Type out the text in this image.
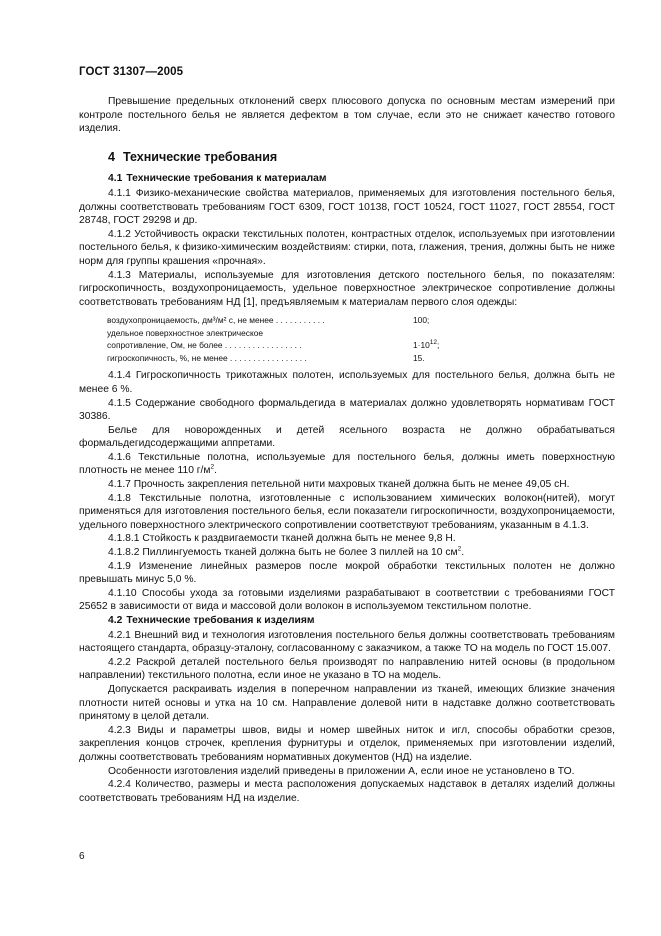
ГОСТ 31307—2005

Превышение предельных отклонений сверх плюсового допуска по основным местам измерений при контроле постельного белья не является дефектом в том случае, если это не снижает качество готового изделия.

4 Технические требования
4.1 Технические требования к материалам

4.1.1 Физико-механические свойства материалов, применяемых для изготовления постельного белья, должны соответствовать требованиям ГОСТ 6309, ГОСТ 10138, ГОСТ 10524, ГОСТ 11027, ГОСТ 28554, ГОСТ 28748, ГОСТ 29298 и др.

4.1.2 Устойчивость окраски текстильных полотен, контрастных отделок, используемых при изготовлении постельного белья, к физико-химическим воздействиям: стирки, пота, глажения, трения, должны быть не ниже норм для группы крашения «прочная».

4.1.3 Материалы, используемые для изготовления детского постельного белья, по показателям: гигроскопичность, воздухопроницаемость, удельное поверхностное электрическое сопротивление должны соответствовать требованиям НД [1], предъявляемым к материалам первого слоя одежды:

воздухопроницаемость, дм³/м² с, не менее . . . . . . . . . . .	100;
удельное поверхностное электрическое
сопротивление, Ом, не более . . . . . . . . . . . . . . . . .	$1\cdot 10^{12}$;
гигроскопичность, %, не менее . . . . . . . . . . . . . . . . .	15.

4.1.4 Гигроскопичность трикотажных полотен, используемых для постельного белья, должна быть не менее 6 %.

4.1.5 Содержание свободного формальдегида в материалах должно удовлетворять нормативам ГОСТ 30386.

Белье для новорожденных и детей ясельного возраста не должно обрабатываться формальдегидсодержащими аппретами.

4.1.6 Текстильные полотна, используемые для постельного белья, должны иметь поверхностную плотность не менее 110 $г/м^2$.

4.1.7 Прочность закрепления петельной нити махровых тканей должна быть не менее 49,05 сН.

4.1.8 Текстильные полотна, изготовленные с использованием химических волокон(нитей), могут применяться для изготовления постельного белья, если показатели гигроскопичности, воздухопроницаемости, удельного поверхностного электрического сопротивлении соответствуют требованиям, указанным в 4.1.3.

4.1.8.1 Стойкость к раздвигаемости тканей должна быть не менее 9,8 Н.

4.1.8.2 Пиллингуемость тканей должна быть не более 3 пиллей на 10 $см^2$.

4.1.9 Изменение линейных размеров после мокрой обработки текстильных полотен не должно превышать минус 5,0 %.

4.1.10 Способы ухода за готовыми изделиями разрабатывают в соответствии с требованиями ГОСТ 25652 в зависимости от вида и массовой доли волокон в используемом текстильном полотне.

4.2 Технические требования к изделиям

4.2.1 Внешний вид и технология изготовления постельного белья должны соответствовать требованиям настоящего стандарта, образцу-эталону, согласованному с заказчиком, а также ТО на модель по ГОСТ 15.007.

4.2.2 Раскрой деталей постельного белья производят по направлению нитей основы (в продольном направлении) текстильного полотна, если иное не указано в ТО на модель.

Допускается раскраивать изделия в поперечном направлении из тканей, имеющих близкие значения плотности нитей основы и утка на 10 см. Направление долевой нити в надставке должно соответствовать принятому в целой детали.

4.2.3 Виды и параметры швов, виды и номер швейных ниток и игл, способы обработки срезов, закрепления концов строчек, крепления фурнитуры и отделок, применяемых при изготовлении изделий, должны соответствовать требованиям нормативных документов (НД) на изделие.

Особенности изготовления изделий приведены в приложении А, если иное не установлено в ТО.

4.2.4 Количество, размеры и места расположения допускаемых надставок в деталях изделий должны соответствовать требованиям НД на изделие.

6
